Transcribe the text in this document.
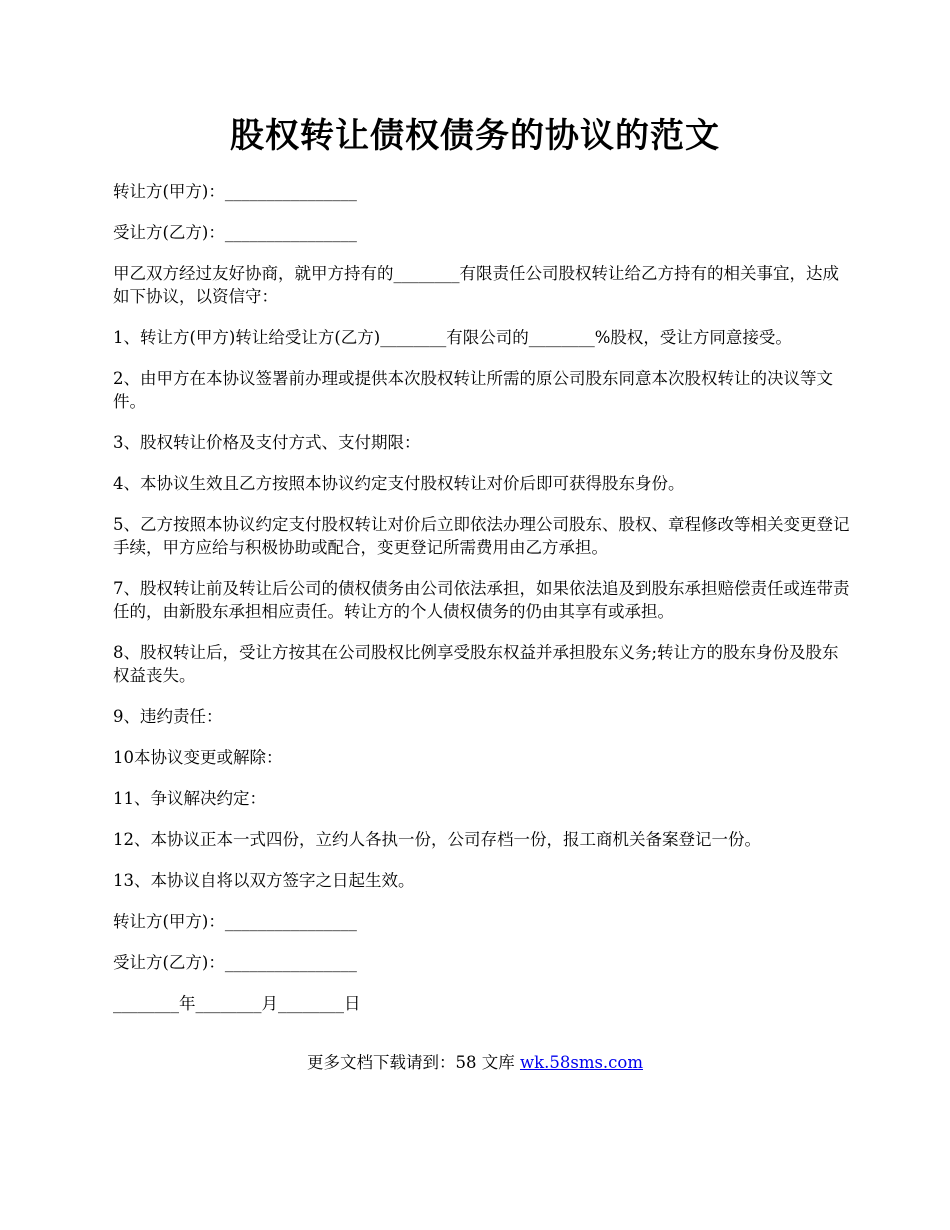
股权转让债权债务的协议的范文

转让方(甲方)：________________

受让方(乙方)：________________

甲乙双方经过友好协商，就甲方持有的________有限责任公司股权转让给乙方持有的相关事宜，达成如下协议，以资信守：

1、转让方(甲方)转让给受让方(乙方)________有限公司的________%股权，受让方同意接受。

2、由甲方在本协议签署前办理或提供本次股权转让所需的原公司股东同意本次股权转让的决议等文件。

3、股权转让价格及支付方式、支付期限：

4、本协议生效且乙方按照本协议约定支付股权转让对价后即可获得股东身份。

5、乙方按照本协议约定支付股权转让对价后立即依法办理公司股东、股权、章程修改等相关变更登记手续，甲方应给与积极协助或配合，变更登记所需费用由乙方承担。

7、股权转让前及转让后公司的债权债务由公司依法承担，如果依法追及到股东承担赔偿责任或连带责任的，由新股东承担相应责任。转让方的个人债权债务的仍由其享有或承担。

8、股权转让后，受让方按其在公司股权比例享受股东权益并承担股东义务;转让方的股东身份及股东权益丧失。

9、违约责任：

10本协议变更或解除：

11、争议解决约定：

12、本协议正本一式四份，立约人各执一份，公司存档一份，报工商机关备案登记一份。

13、本协议自将以双方签字之日起生效。

转让方(甲方)：________________

受让方(乙方)：________________

________年________月________日

更多文档下载请到：58 文库 wk.58sms.com
